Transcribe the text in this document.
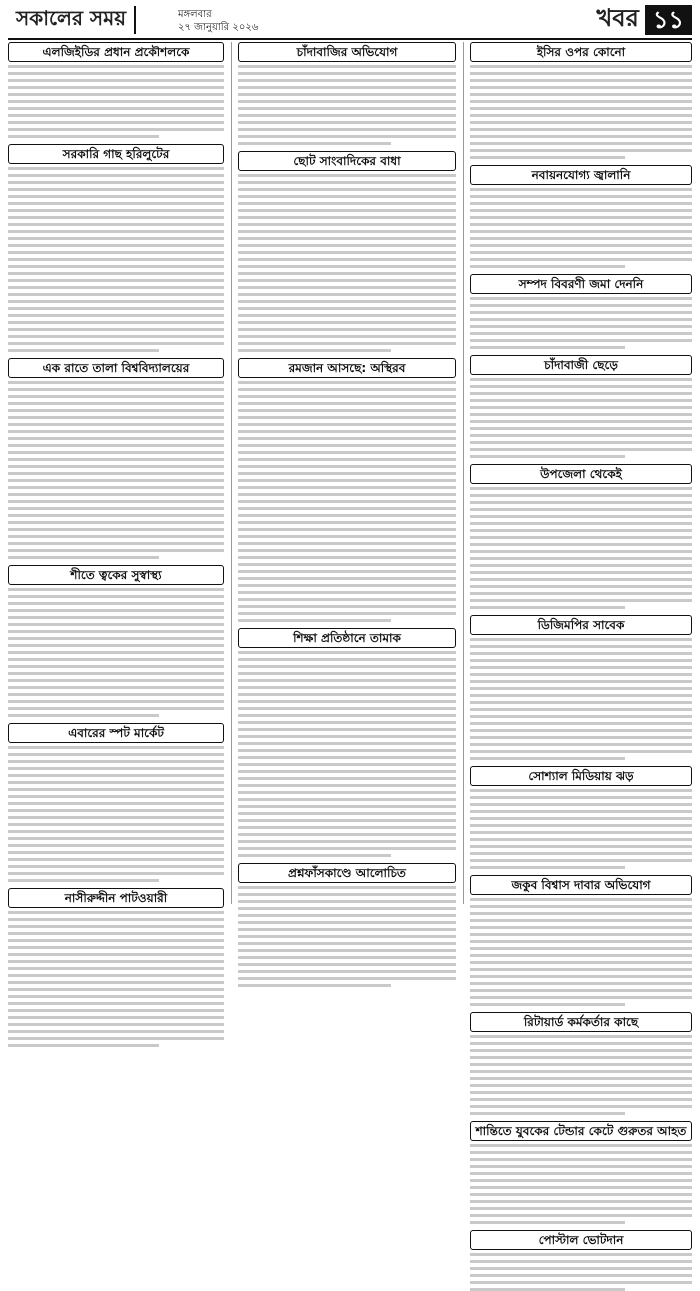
সকালের সময়	মঙ্গলবার
২৭ জানুয়ারি ২০২৬	খবর ১১
এলজিইডির প্রধান প্রকৌশলকে
সরকারি গাছ হরিলুটের
এক রাতে তালা বিশ্ববিদ্যালয়ের
শীতে ত্বকের সুস্বাস্থ্য
এবারের স্পট মার্কেট
নাসীরুদ্দীন পাটওয়ারী
চাঁদাবাজির অভিযোগ
ছোট সাংবাদিকের বাধা
রমজান আসছে: অস্থিরব
শিক্ষা প্রতিষ্ঠানে তামাক
প্রশ্নফাঁসকাণ্ডে আলোচিত
ইসির ওপর কোনো
নবায়নযোগ্য জ্বালানি
সম্পদ বিবরণী জমা দেননি
চাঁদাবাজী ছেড়ে
উপজেলা থেকেই
ডিজিমপির সাবেক
সোশ্যাল মিডিয়ায় ঝড়
জকুব বিশ্বাস দাবার অভিযোগ
রিটায়ার্ড কর্মকর্তার কাছে
শান্তিতে যুবকের টেন্ডার কেটে গুরুতর আহত
পোস্টাল ভোটদান
